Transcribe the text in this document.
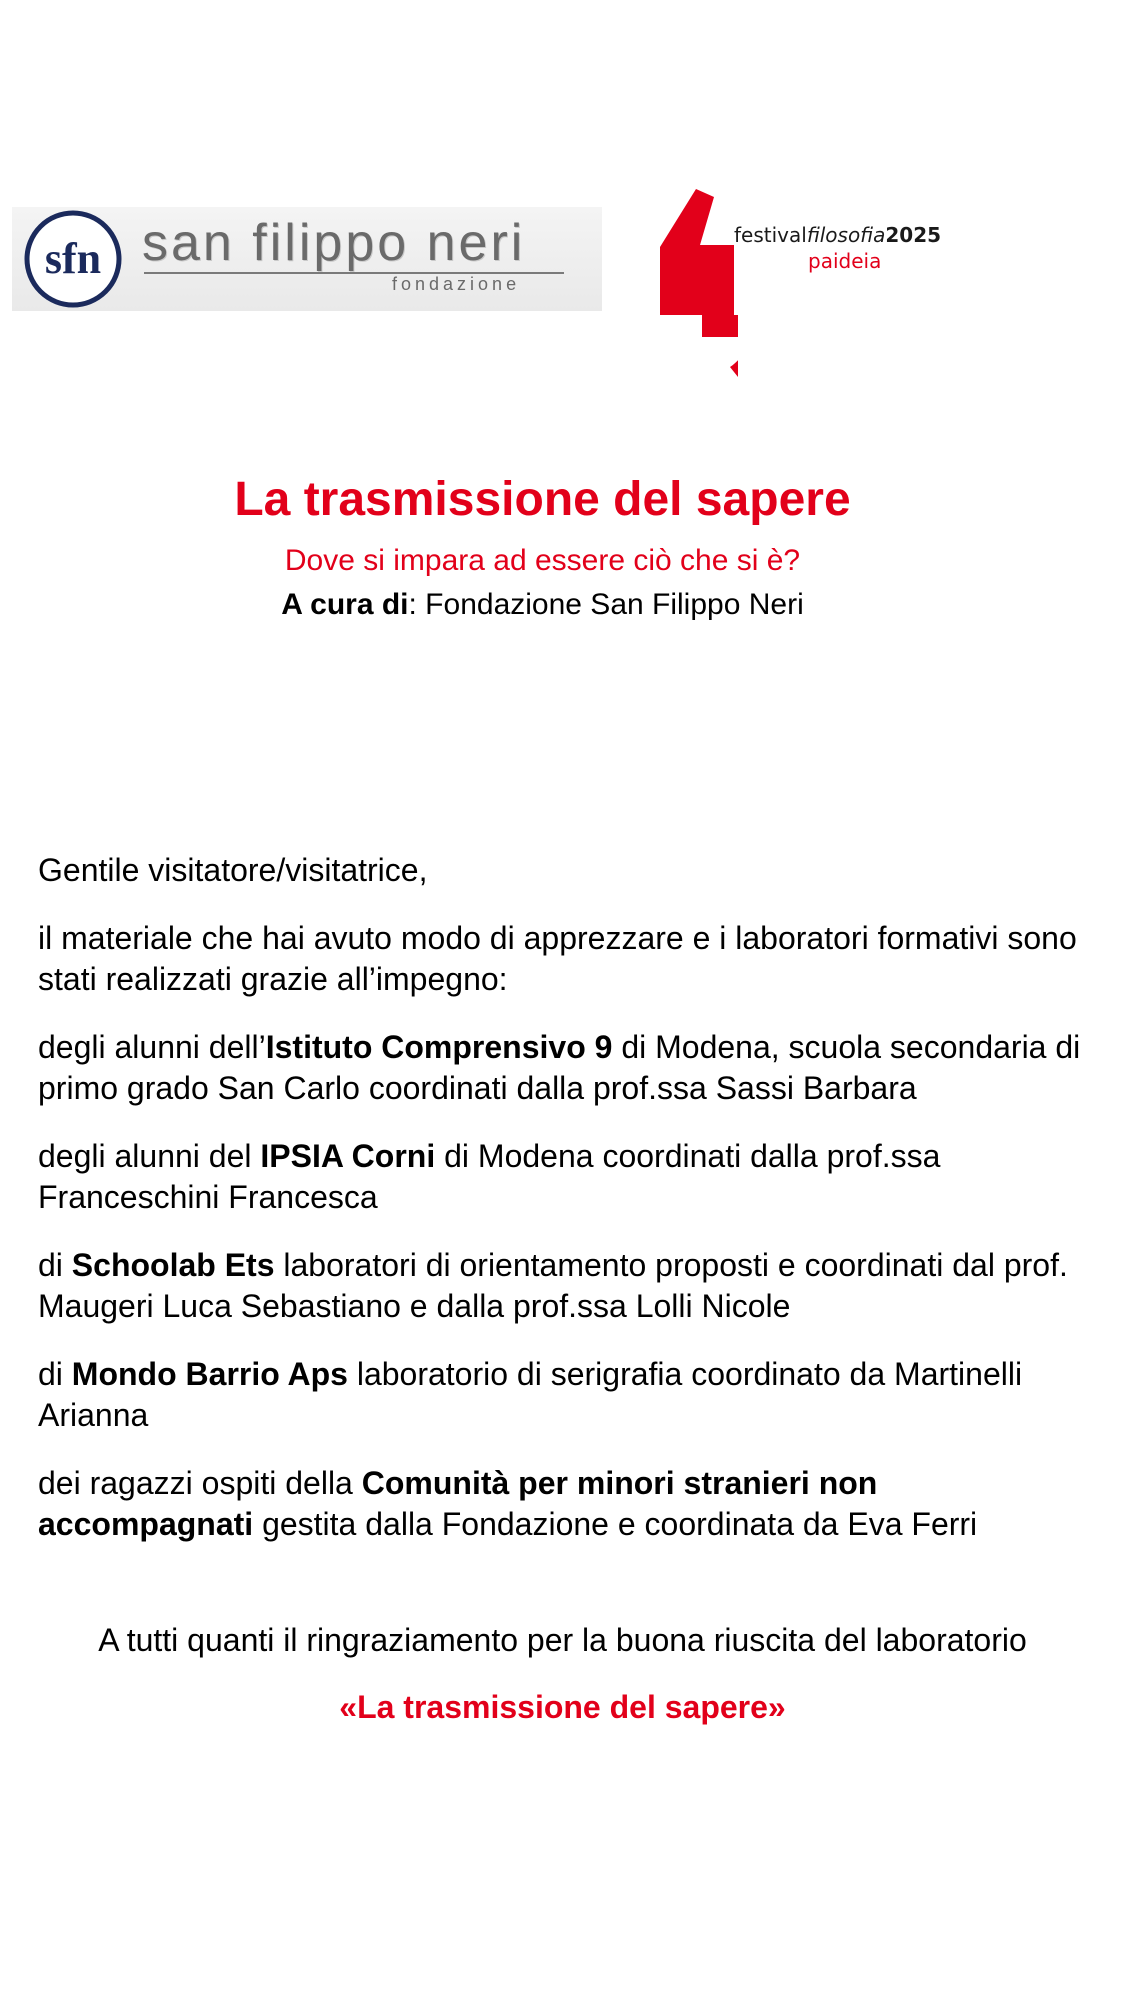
sfn san filippo neri
fondazione
festivalfilosofia2025
paideia
La trasmissione del sapere
Dove si impara ad essere ciò che si è?
A cura di: Fondazione San Filippo Neri

Gentile visitatore/visitatrice,

il materiale che hai avuto modo di apprezzare e i laboratori formativi sono stati realizzati grazie all’impegno:

degli alunni dell’Istituto Comprensivo 9 di Modena, scuola secondaria di primo grado San Carlo coordinati dalla prof.ssa Sassi Barbara

degli alunni del IPSIA Corni di Modena coordinati dalla prof.ssa Franceschini Francesca

di Schoolab Ets laboratori di orientamento proposti e coordinati dal prof. Maugeri Luca Sebastiano e dalla prof.ssa Lolli Nicole

di Mondo Barrio Aps laboratorio di serigrafia coordinato da Martinelli Arianna

dei ragazzi ospiti della Comunità per minori stranieri non accompagnati gestita dalla Fondazione e coordinata da Eva Ferri

A tutti quanti il ringraziamento per la buona riuscita del laboratorio
«La trasmissione del sapere»
